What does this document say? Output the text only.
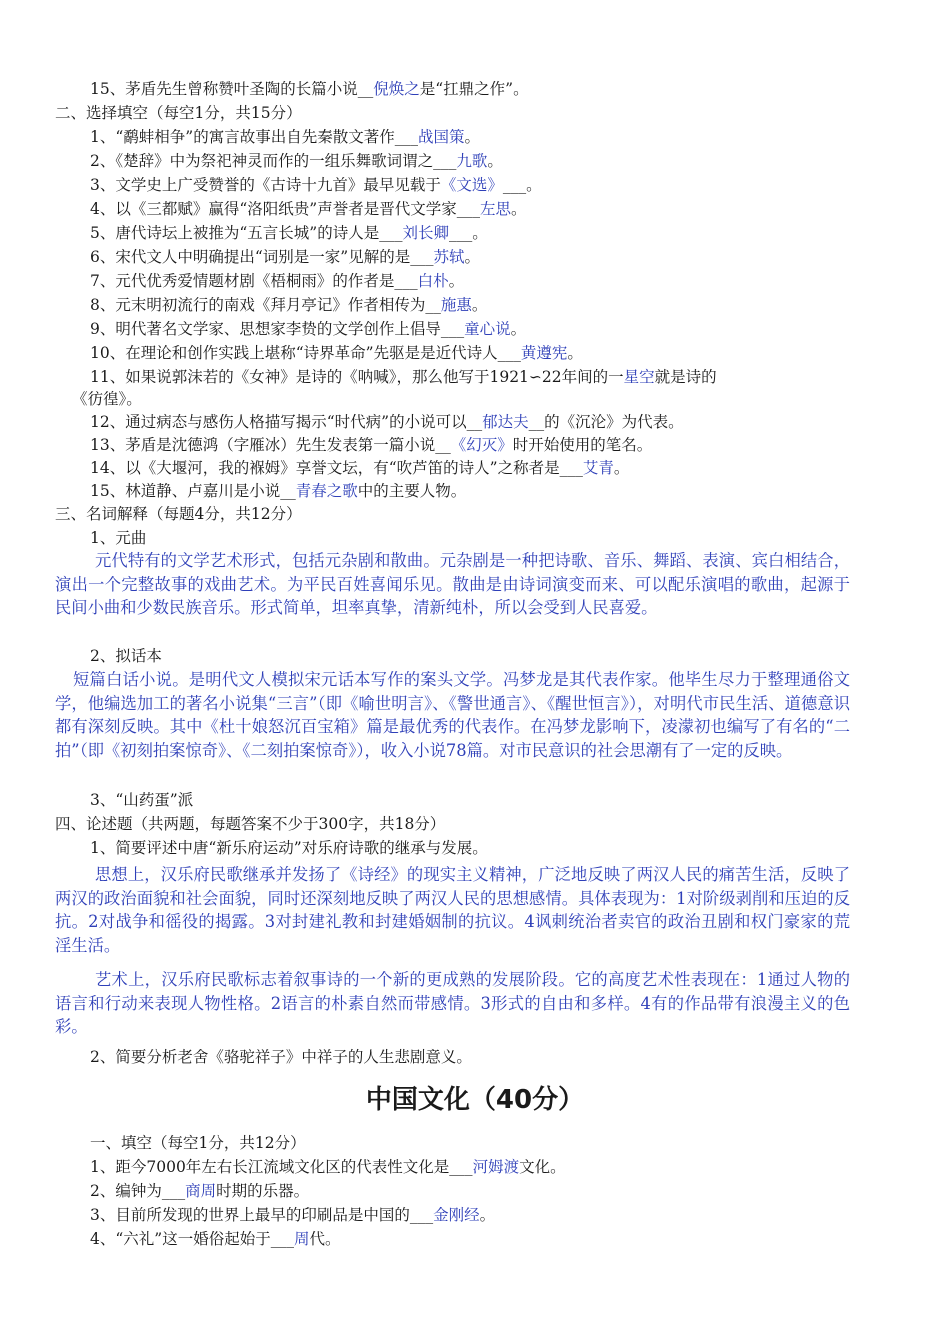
15、茅盾先生曾称赞叶圣陶的长篇小说__倪焕之是“扛鼎之作”。
二、选择填空（每空1分，共15分）
1、“鹬蚌相争”的寓言故事出自先秦散文著作___战国策。
2、《楚辞》中为祭祀神灵而作的一组乐舞歌词谓之___九歌。
3、文学史上广受赞誉的《古诗十九首》最早见载于《文选》___。
4、以《三都赋》赢得“洛阳纸贵”声誉者是晋代文学家___左思。
5、唐代诗坛上被推为“五言长城”的诗人是___刘长卿___。
6、宋代文人中明确提出“词别是一家”见解的是___苏轼。
7、元代优秀爱情题材剧《梧桐雨》的作者是___白朴。
8、元末明初流行的南戏《拜月亭记》作者相传为__施惠。
9、明代著名文学家、思想家李贽的文学创作上倡导___童心说。
10、在理论和创作实践上堪称“诗界革命”先驱是是近代诗人___黄遵宪。
11、如果说郭沫若的《女神》是诗的《呐喊》，那么他写于1921∽22年间的一星空就是诗的
《彷徨》。
12、通过病态与感伤人格描写揭示“时代病”的小说可以__郁达夫__的《沉沦》为代表。
13、茅盾是沈德鸿（字雁冰）先生发表第一篇小说__《幻灭》时开始使用的笔名。
14、以《大堰河，我的褓姆》享誉文坛，有“吹芦笛的诗人”之称者是___艾青。
15、林道静、卢嘉川是小说__青春之歌中的主要人物。
三、名词解释（每题4分，共12分）
1、元曲
元代特有的文学艺术形式，包括元杂剧和散曲。元杂剧是一种把诗歌、音乐、舞蹈、表演、宾白相结合，演出一个完整故事的戏曲艺术。为平民百姓喜闻乐见。散曲是由诗词演变而来、可以配乐演唱的歌曲，起源于民间小曲和少数民族音乐。形式简单，坦率真挚，清新纯朴，所以会受到人民喜爱。
2、拟话本
短篇白话小说。是明代文人模拟宋元话本写作的案头文学。冯梦龙是其代表作家。他毕生尽力于整理通俗文学，他编选加工的著名小说集“三言”（即《喻世明言》、《警世通言》、《醒世恒言》），对明代市民生活、道德意识都有深刻反映。其中《杜十娘怒沉百宝箱》篇是最优秀的代表作。在冯梦龙影响下，凌濛初也编写了有名的“二拍”（即《初刻拍案惊奇》、《二刻拍案惊奇》），收入小说78篇。对市民意识的社会思潮有了一定的反映。
3、“山药蛋”派
四、论述题（共两题，每题答案不少于300字，共18分）
1、简要评述中唐“新乐府运动”对乐府诗歌的继承与发展。
思想上，汉乐府民歌继承并发扬了《诗经》的现实主义精神，广泛地反映了两汉人民的痛苦生活，反映了两汉的政治面貌和社会面貌，同时还深刻地反映了两汉人民的思想感情。具体表现为：1对阶级剥削和压迫的反抗。2对战争和徭役的揭露。3对封建礼教和封建婚姻制的抗议。4讽刺统治者卖官的政治丑剧和权门豪家的荒淫生活。
艺术上，汉乐府民歌标志着叙事诗的一个新的更成熟的发展阶段。它的高度艺术性表现在：1通过人物的语言和行动来表现人物性格。2语言的朴素自然而带感情。3形式的自由和多样。4有的作品带有浪漫主义的色彩。
2、简要分析老舍《骆驼祥子》中祥子的人生悲剧意义。
中国文化（40分）
一、填空（每空1分，共12分）
1、距今7000年左右长江流域文化区的代表性文化是___河姆渡文化。
2、编钟为___商周时期的乐器。
3、目前所发现的世界上最早的印刷品是中国的___金刚经。
4、“六礼”这一婚俗起始于___周代。
